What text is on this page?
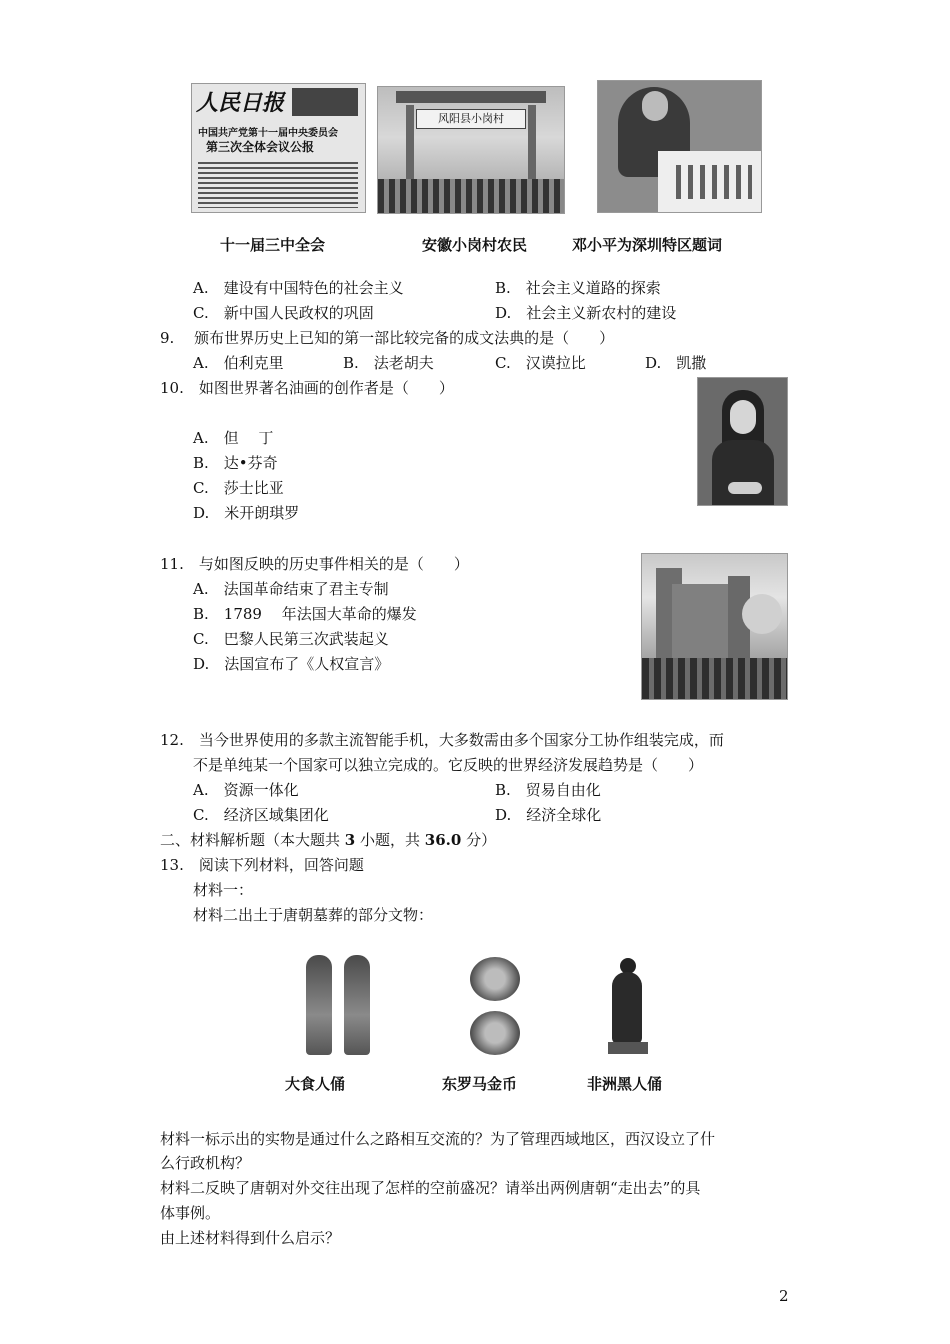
人民日报
中国共产党第十一届中央委员会
第三次全体会议公报
风阳县小岗村
十一届三中全会	安徽小岗村农民	邓小平为深圳特区题词
A.　建设有中国特色的社会主义	B.　社会主义道路的探索
C.　新中国人民政权的巩固	D.　社会主义新农村的建设
9.　 颁布世界历史上已知的第一部比较完备的成文法典的是（　　）
A.　伯利克里	B.　法老胡夫	C.　汉谟拉比	D.　凯撒
10.　如图世界著名油画的创作者是（　　）
A.　但　 丁
B.　达•芬奇
C.　莎士比亚
D.　米开朗琪罗
11.　与如图反映的历史事件相关的是（　　）
A.　法国革命结束了君主专制
B.　1789　 年法国大革命的爆发
C.　巴黎人民第三次武装起义
D.　法国宣布了《人权宣言》
12.　当今世界使用的多款主流智能手机，大多数需由多个国家分工协作组装完成，而
不是单纯某一个国家可以独立完成的。它反映的世界经济发展趋势是（　　）
A.　资源一体化	B.　贸易自由化
C.　经济区域集团化	D.　经济全球化
二、材料解析题（本大题共 3 小题，共 36.0 分）
13.　阅读下列材料，回答问题
材料一：
材料二出土于唐朝墓葬的部分文物：
大食人俑	东罗马金币	非洲黑人俑
材料一标示出的实物是通过什么之路相互交流的？为了管理西域地区，西汉设立了什
么行政机构？
材料二反映了唐朝对外交往出现了怎样的空前盛况？请举出两例唐朝“走出去”的具
体事例。
由上述材料得到什么启示？
2
